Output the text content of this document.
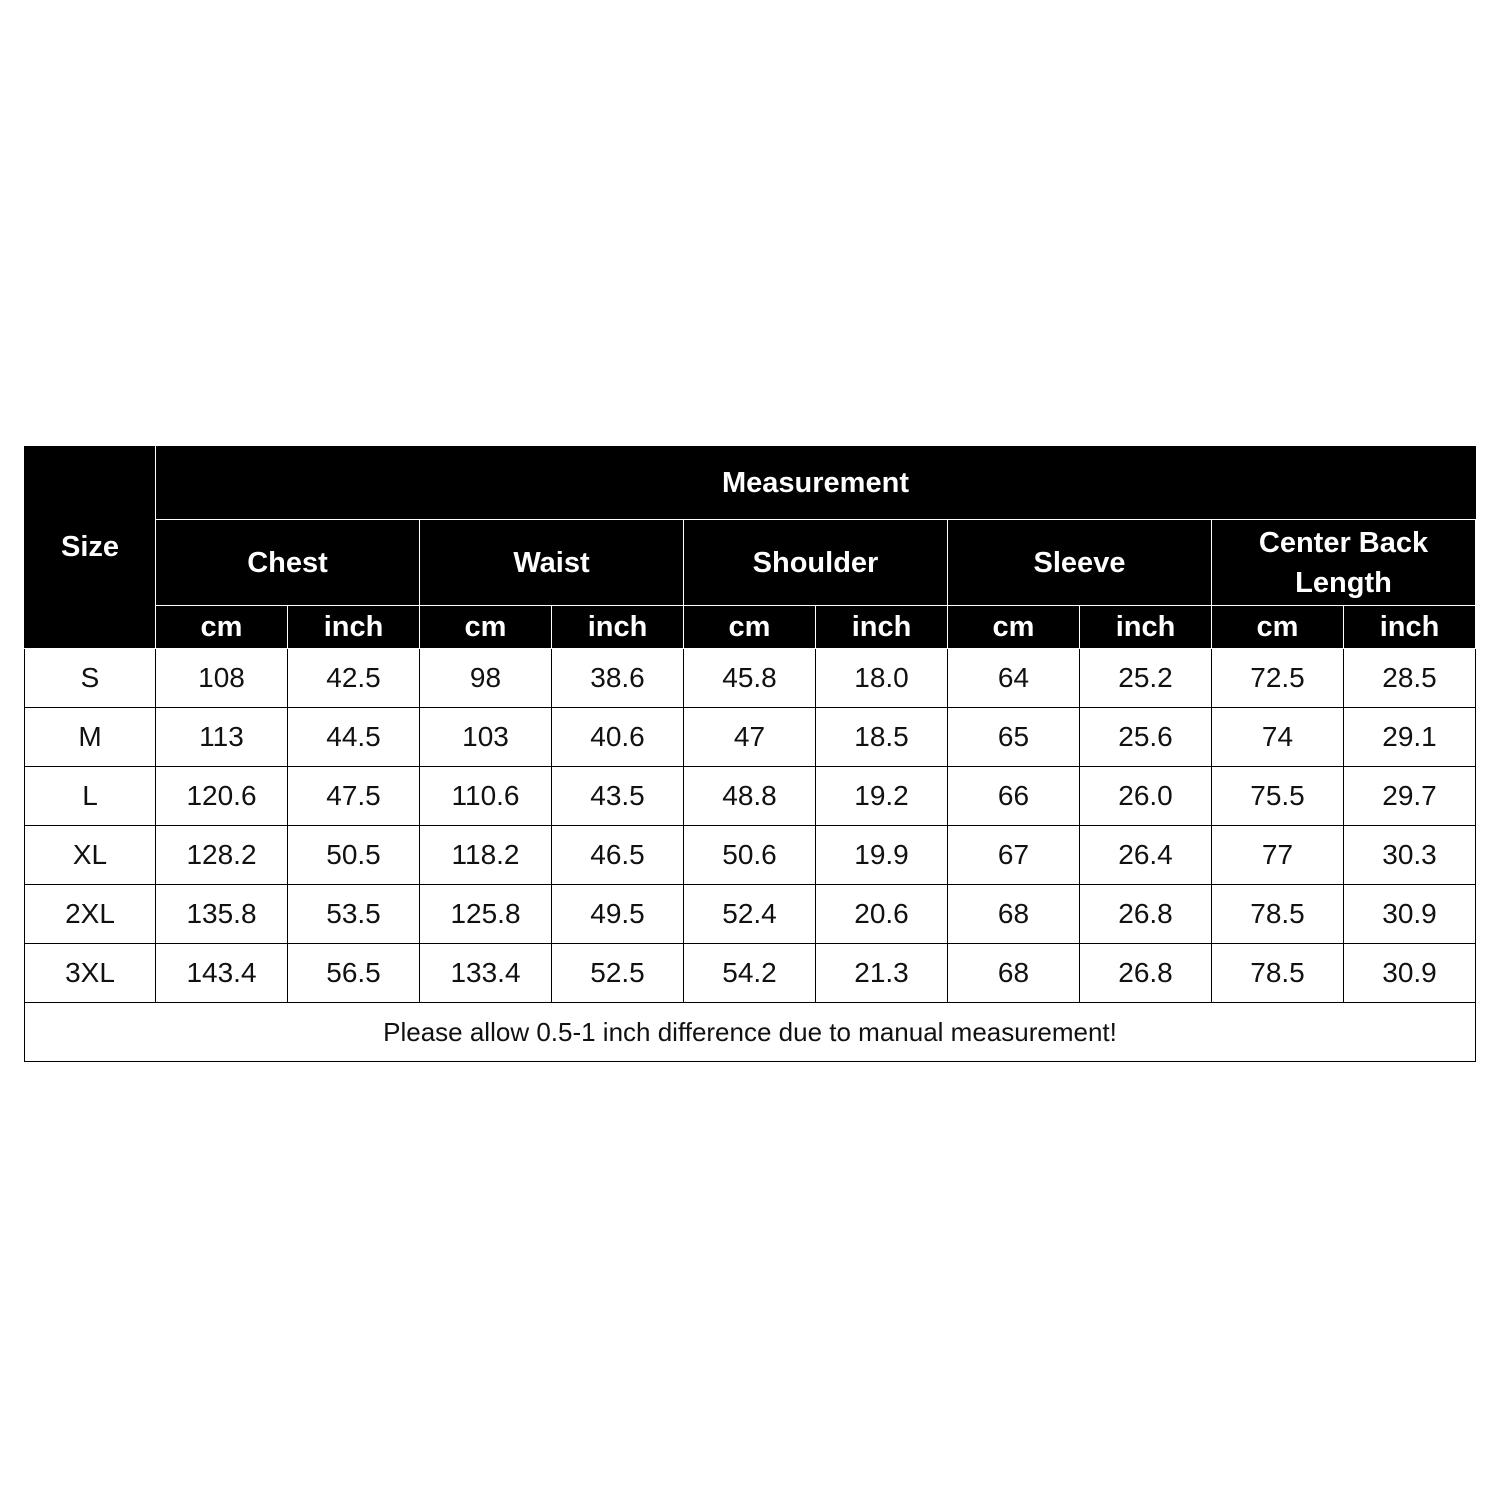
Size	Measurement									
	Chest		Waist		Shoulder		Sleeve		Center Back Length	
	cm	inch	cm	inch	cm	inch	cm	inch	cm	inch
S	108	42.5	98	38.6	45.8	18.0	64	25.2	72.5	28.5
M	113	44.5	103	40.6	47	18.5	65	25.6	74	29.1
L	120.6	47.5	110.6	43.5	48.8	19.2	66	26.0	75.5	29.7
XL	128.2	50.5	118.2	46.5	50.6	19.9	67	26.4	77	30.3
2XL	135.8	53.5	125.8	49.5	52.4	20.6	68	26.8	78.5	30.9
3XL	143.4	56.5	133.4	52.5	54.2	21.3	68	26.8	78.5	30.9
Please allow 0.5-1 inch difference due to manual measurement!										
